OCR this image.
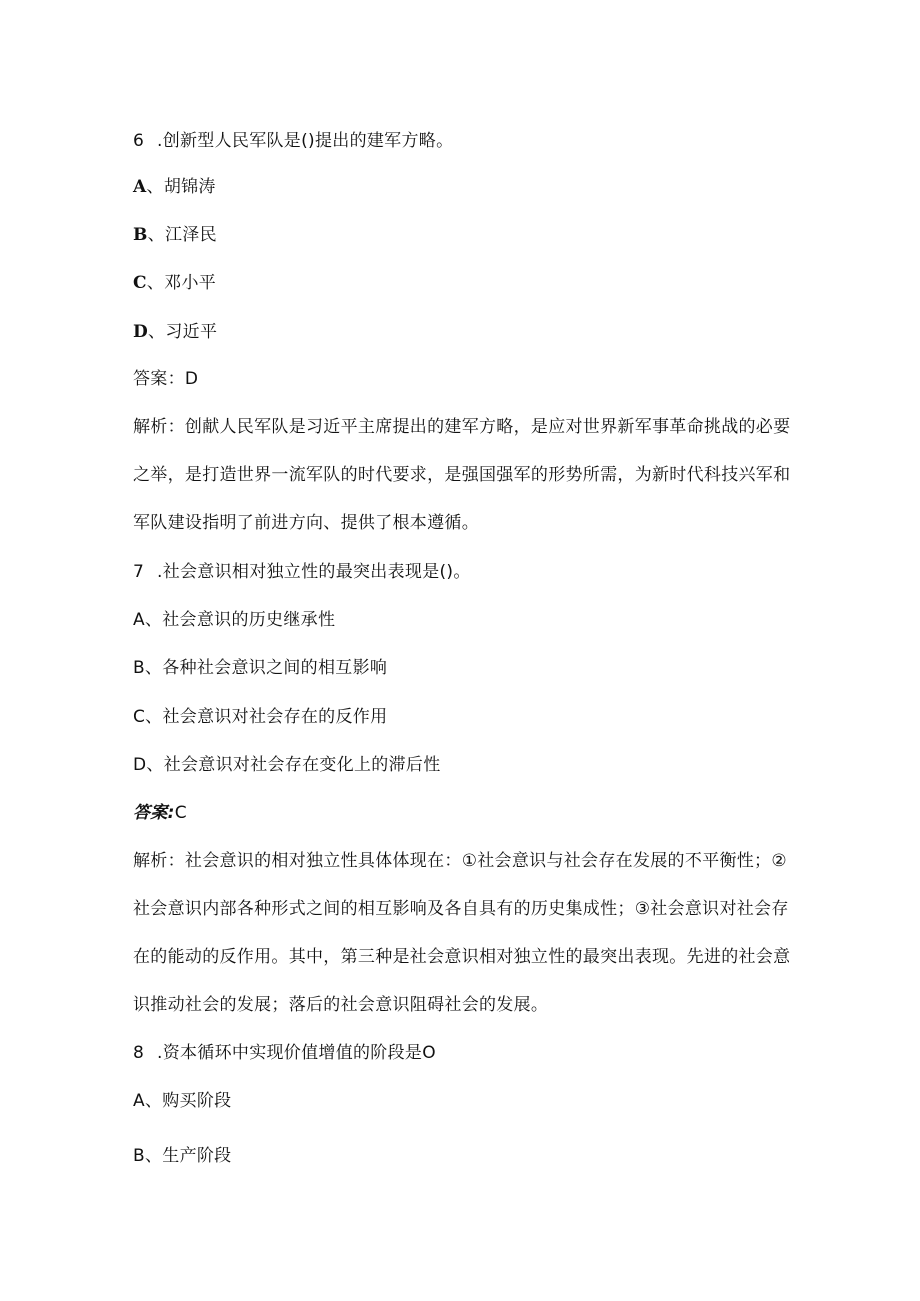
6 .创新型人民军队是()提出的建军方略。

A、胡锦涛

B、江泽民

C、邓小平

D、习近平

答案：D

解析：创献人民军队是习近平主席提出的建军方略，是应对世界新军事革命挑战的必要

之举，是打造世界一流军队的时代要求，是强国强军的形势所需，为新时代科技兴军和

军队建设指明了前进方向、提供了根本遵循。

7 .社会意识相对独立性的最突出表现是()。

A、社会意识的历史继承性

B、各种社会意识之间的相互影响

C、社会意识对社会存在的反作用

D、社会意识对社会存在变化上的滞后性

答案:C

解析：社会意识的相对独立性具体体现在：①社会意识与社会存在发展的不平衡性；②

社会意识内部各种形式之间的相互影响及各自具有的历史集成性；③社会意识对社会存

在的能动的反作用。其中，第三种是社会意识相对独立性的最突出表现。先进的社会意

识推动社会的发展；落后的社会意识阻碍社会的发展。

8 .资本循环中实现价值增值的阶段是O

A、购买阶段

B、生产阶段
